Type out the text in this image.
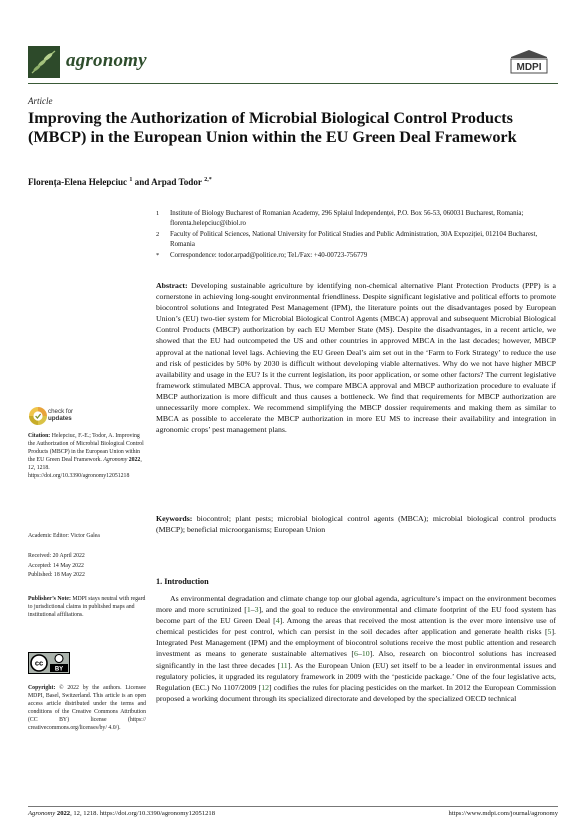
agronomy	MDPI
Article
Improving the Authorization of Microbial Biological Control Products (MBCP) in the European Union within the EU Green Deal Framework
Florența-Elena Helepciuc $^1$ and Arpad Todor $^{2,*}$
1 Institute of Biology Bucharest of Romanian Academy, 296 Splaiul Independenței, P.O. Box 56-53, 060031 Bucharest, Romania; florenta.helepciuc@ibiol.ro
2 Faculty of Political Sciences, National University for Political Studies and Public Administration, 30A Expoziției, 012104 Bucharest, Romania
* Correspondence: todor.arpad@politice.ro; Tel./Fax: +40-00723-756779
Abstract: Developing sustainable agriculture by identifying non-chemical alternative Plant Protection Products (PPP) is a cornerstone in achieving long-sought environmental friendliness. Despite significant legislative and political efforts to promote biocontrol solutions and Integrated Pest Management (IPM), the literature points out the disadvantages posed by European Union’s (EU) two-tier system for Microbial Biological Control Agents (MBCA) approval and subsequent Microbial Biological Control Products (MBCP) authorization by each EU Member State (MS). Despite the disadvantages, in a recent article, we showed that the EU had outcompeted the US and other countries in approved MBCA in the last decades; however, MBCP approval at the national level lags. Achieving the EU Green Deal’s aim set out in the ‘Farm to Fork Strategy’ to reduce the use and risk of pesticides by 50% by 2030 is difficult without developing viable alternatives. Why do we not have higher MBCP availability and usage in the EU? Is it the current legislation, its poor application, or some other factors? The current legislative framework stimulated MBCA approval. Thus, we compare MBCA approval and MBCP authorization procedure to evaluate if MBCP authorization is more difficult and thus causes a bottleneck. We find that requirements for MBCP authorization are unnecessarily more complex. We recommend simplifying the MBCP dossier requirements and making them as similar to MBCA as possible to accelerate the MBCP authorization in more EU MS to increase their availability and integration in agronomic crops’ pest management plans.
Keywords: biocontrol; plant pests; microbial biological control agents (MBCA); microbial biological control products (MBCP); beneficial microorganisms; European Union
check for
updates
Citation: Helepciuc, F.-E.; Todor, A. Improving the Authorization of Microbial Biological Control Products (MBCP) in the European Union within the EU Green Deal Framework. Agronomy 2022, 12, 1218. https://doi.org/10.3390/agronomy12051218
Academic Editor: Victor Galea
Received: 20 April 2022
Accepted: 14 May 2022
Published: 18 May 2022
Publisher’s Note: MDPI stays neutral with regard to jurisdictional claims in published maps and institutional affiliations.
cc
BY
Copyright: © 2022 by the authors. Licensee MDPI, Basel, Switzerland. This article is an open access article distributed under the terms and conditions of the Creative Commons Attribution (CC BY) license (https:// creativecommons.org/licenses/by/ 4.0/).
1. Introduction
As environmental degradation and climate change top our global agenda, agriculture’s impact on the environment becomes more and more scrutinized [1–3], and the goal to reduce the environmental and climate footprint of the EU food system has become part of the EU Green Deal [4]. Among the areas that received the most attention is the ever more intensive use of chemical pesticides for pest control, which can persist in the soil decades after application and generate health risks [5]. Integrated Pest Management (IPM) and the employment of biocontrol solutions receive the most public attention and research investment as means to generate sustainable alternatives [6–10]. Also, research on biocontrol solutions has increased significantly in the last three decades [11]. As the European Union (EU) set itself to be a leader in environmental issues and regulatory policies, it upgraded its regulatory framework in 2009 with the ‘pesticide package.’ One of the four legislative acts, Regulation (EC.) No 1107/2009 [12] codifies the rules for placing pesticides on the market. In 2012 the European Commission proposed a working document through its specialized directorate and developed by the specialized OECD technical
Agronomy 2022, 12, 1218. https://doi.org/10.3390/agronomy12051218	https://www.mdpi.com/journal/agronomy
